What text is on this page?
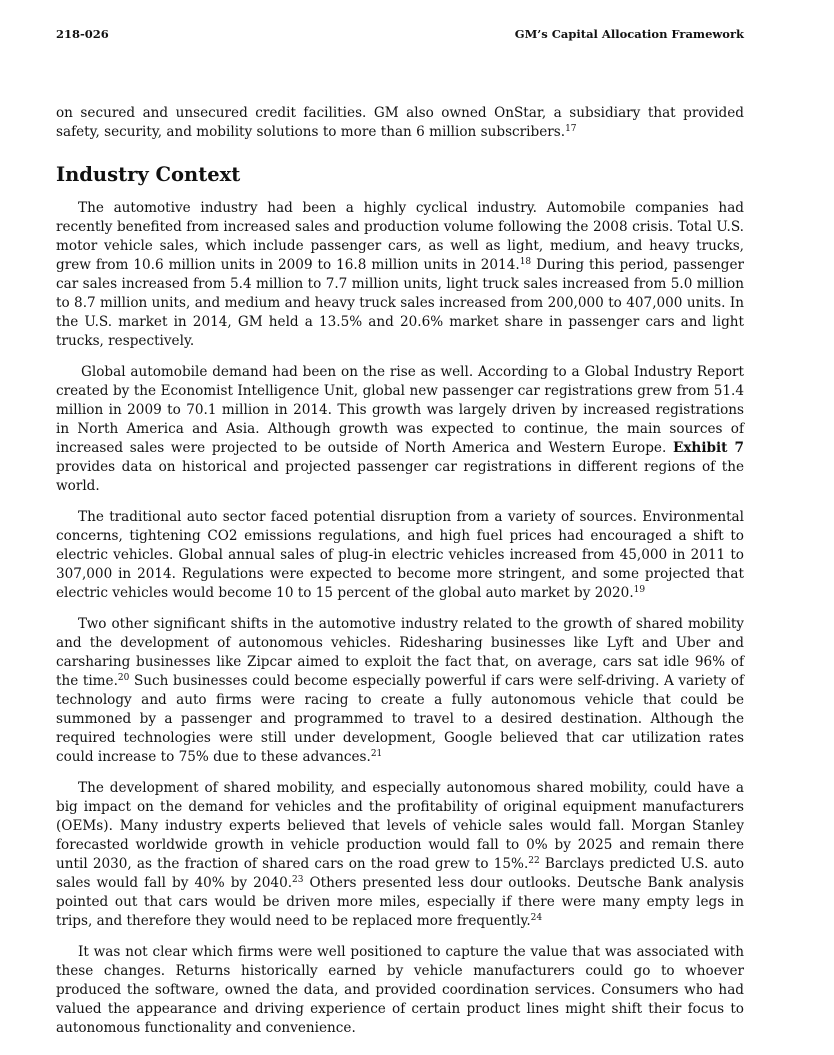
218-026	GM’s Capital Allocation Framework

on secured and unsecured credit facilities. GM also owned OnStar, a subsidiary that provided safety, security, and mobility solutions to more than 6 million subscribers.$^{17}$

Industry Context

The automotive industry had been a highly cyclical industry. Automobile companies had recently benefited from increased sales and production volume following the 2008 crisis. Total U.S. motor vehicle sales, which include passenger cars, as well as light, medium, and heavy trucks, grew from 10.6 million units in 2009 to 16.8 million units in 2014.18 During this period, passenger car sales increased from 5.4 million to 7.7 million units, light truck sales increased from 5.0 million to 8.7 million units, and medium and heavy truck sales increased from 200,000 to 407,000 units. In the U.S. market in 2014, GM held a 13.5% and 20.6% market share in passenger cars and light trucks, respectively.

Global automobile demand had been on the rise as well. According to a Global Industry Report created by the Economist Intelligence Unit, global new passenger car registrations grew from 51.4 million in 2009 to 70.1 million in 2014. This growth was largely driven by increased registrations in North America and Asia. Although growth was expected to continue, the main sources of increased sales were projected to be outside of North America and Western Europe. Exhibit 7 provides data on historical and projected passenger car registrations in different regions of the world.

The traditional auto sector faced potential disruption from a variety of sources. Environmental concerns, tightening CO2 emissions regulations, and high fuel prices had encouraged a shift to electric vehicles. Global annual sales of plug-in electric vehicles increased from 45,000 in 2011 to 307,000 in 2014. Regulations were expected to become more stringent, and some projected that electric vehicles would become 10 to 15 percent of the global auto market by 2020.19

Two other significant shifts in the automotive industry related to the growth of shared mobility and the development of autonomous vehicles. Ridesharing businesses like Lyft and Uber and carsharing businesses like Zipcar aimed to exploit the fact that, on average, cars sat idle 96% of the time.$^{20}$ Such businesses could become especially powerful if cars were self-driving. A variety of technology and auto firms were racing to create a fully autonomous vehicle that could be summoned by a passenger and programmed to travel to a desired destination. Although the required technologies were still under development, Google believed that car utilization rates could increase to 75% due to these advances.$^{21}$

The development of shared mobility, and especially autonomous shared mobility, could have a big impact on the demand for vehicles and the profitability of original equipment manufacturers (OEMs). Many industry experts believed that levels of vehicle sales would fall. Morgan Stanley forecasted worldwide growth in vehicle production would fall to 0% by 2025 and remain there until 2030, as the fraction of shared cars on the road grew to 15%.$^{22}$ Barclays predicted U.S. auto sales would fall by 40% by 2040.23 Others presented less dour outlooks. Deutsche Bank analysis pointed out that cars would be driven more miles, especially if there were many empty legs in trips, and therefore they would need to be replaced more frequently.$^{24}$

It was not clear which firms were well positioned to capture the value that was associated with these changes. Returns historically earned by vehicle manufacturers could go to whoever produced the software, owned the data, and provided coordination services. Consumers who had valued the appearance and driving experience of certain product lines might shift their focus to autonomous functionality and convenience.
